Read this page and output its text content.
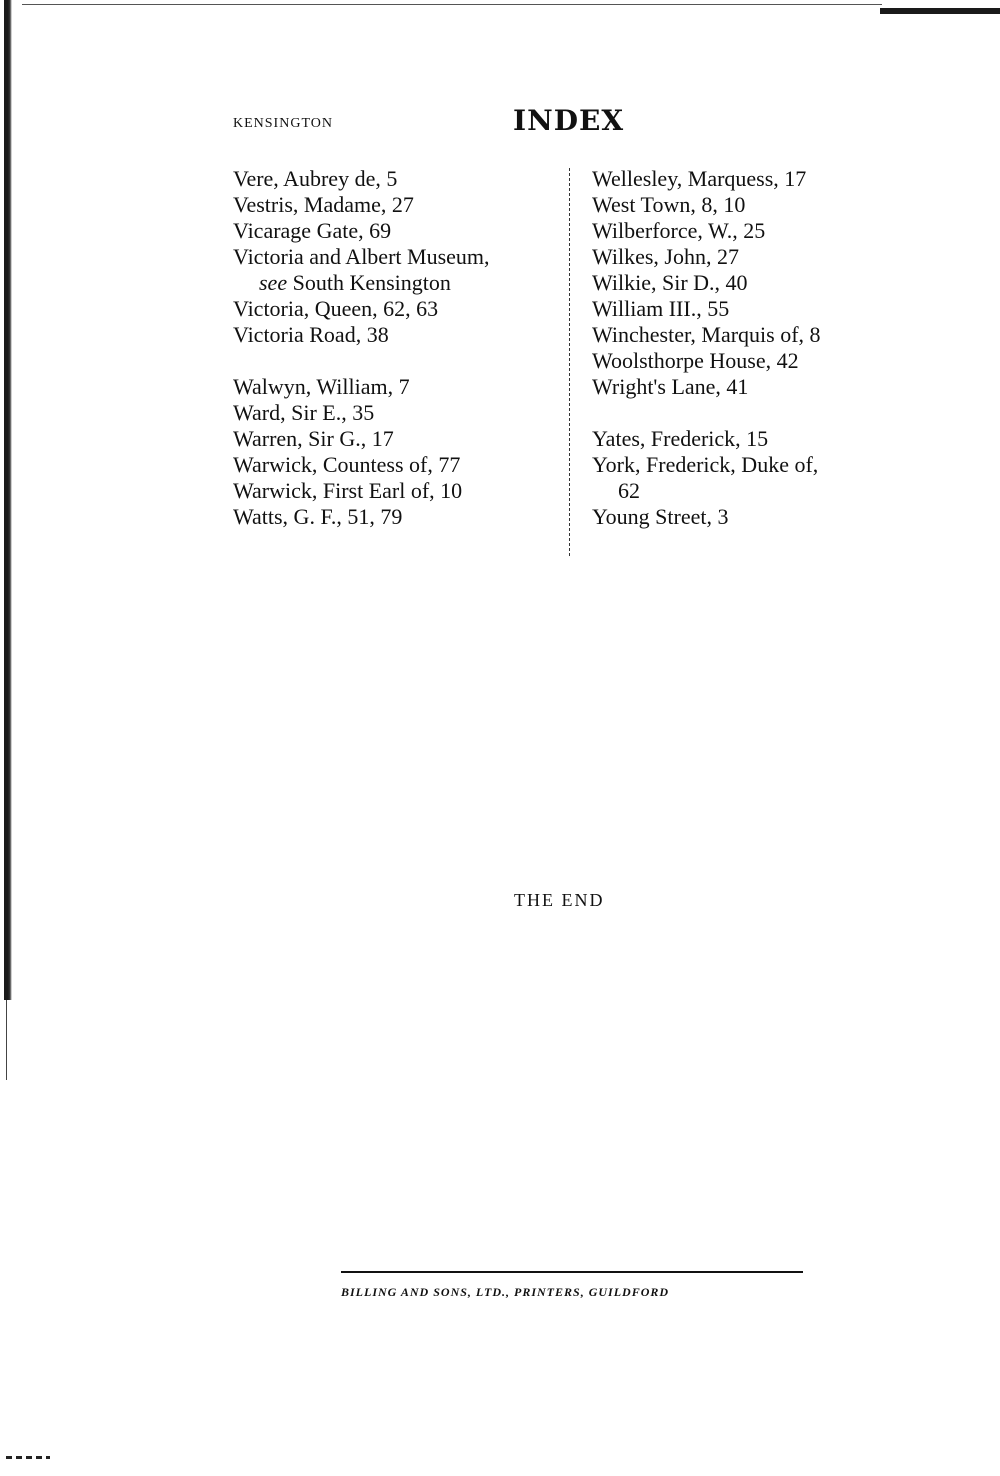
KENSINGTON	INDEX
Vere, Aubrey de, 5
Vestris, Madame, 27
Vicarage Gate, 69
Victoria and Albert Museum,
see South Kensington
Victoria, Queen, 62, 63
Victoria Road, 38
Walwyn, William, 7
Ward, Sir E., 35
Warren, Sir G., 17
Warwick, Countess of, 77
Warwick, First Earl of, 10
Watts, G. F., 51, 79
Wellesley, Marquess, 17
West Town, 8, 10
Wilberforce, W., 25
Wilkes, John, 27
Wilkie, Sir D., 40
William III., 55
Winchester, Marquis of, 8
Woolsthorpe House, 42
Wright's Lane, 41
Yates, Frederick, 15
York, Frederick, Duke of,
62
Young Street, 3
THE END
BILLING AND SONS, LTD., PRINTERS, GUILDFORD
